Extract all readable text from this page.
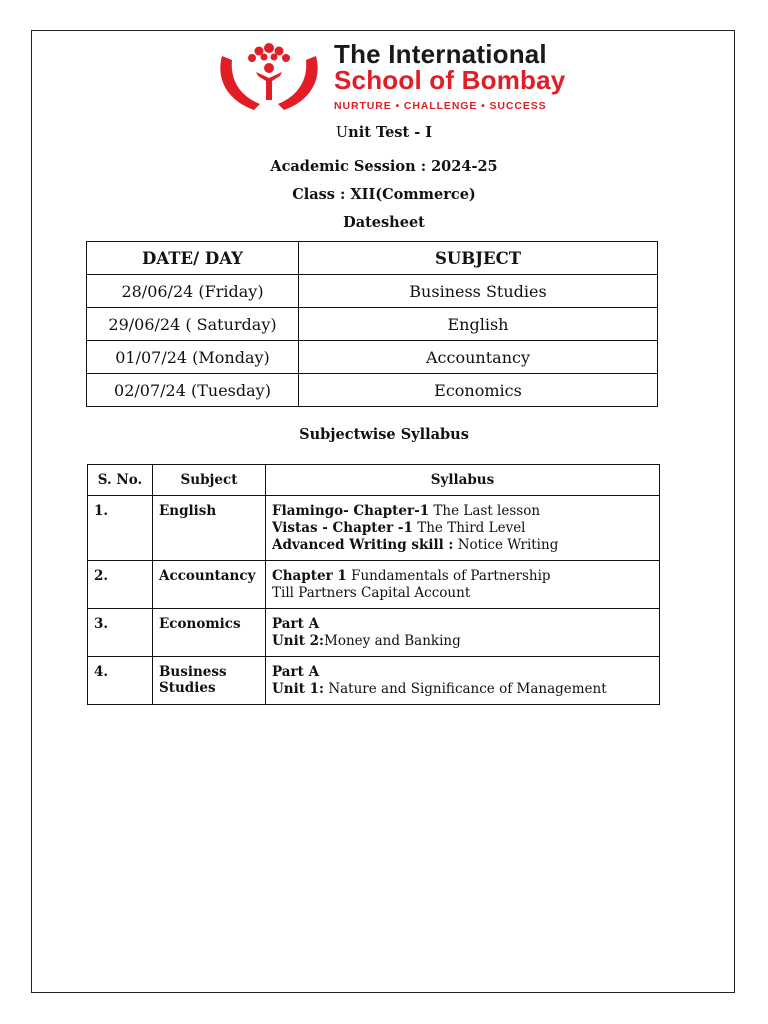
The International
School of Bombay
NURTURE • CHALLENGE • SUCCESS
Unit Test - I
Academic Session : 2024-25
Class : XII(Commerce)
Datesheet
DATE/ DAY	SUBJECT
28/06/24 (Friday)	Business Studies
29/06/24 ( Saturday)	English
01/07/24 (Monday)	Accountancy
02/07/24 (Tuesday)	Economics
Subjectwise Syllabus
S. No.	Subject	Syllabus
1.	English	Flamingo- Chapter-1 The Last lesson
Vistas - Chapter -1 The Third Level
Advanced Writing skill : Notice Writing

2.	Accountancy	Chapter 1 Fundamentals of Partnership
Till Partners Capital Account

3.	Economics	Part A
Unit 2:Money and Banking

4.	Business Studies	Part A
Unit 1: Nature and Significance of Management
